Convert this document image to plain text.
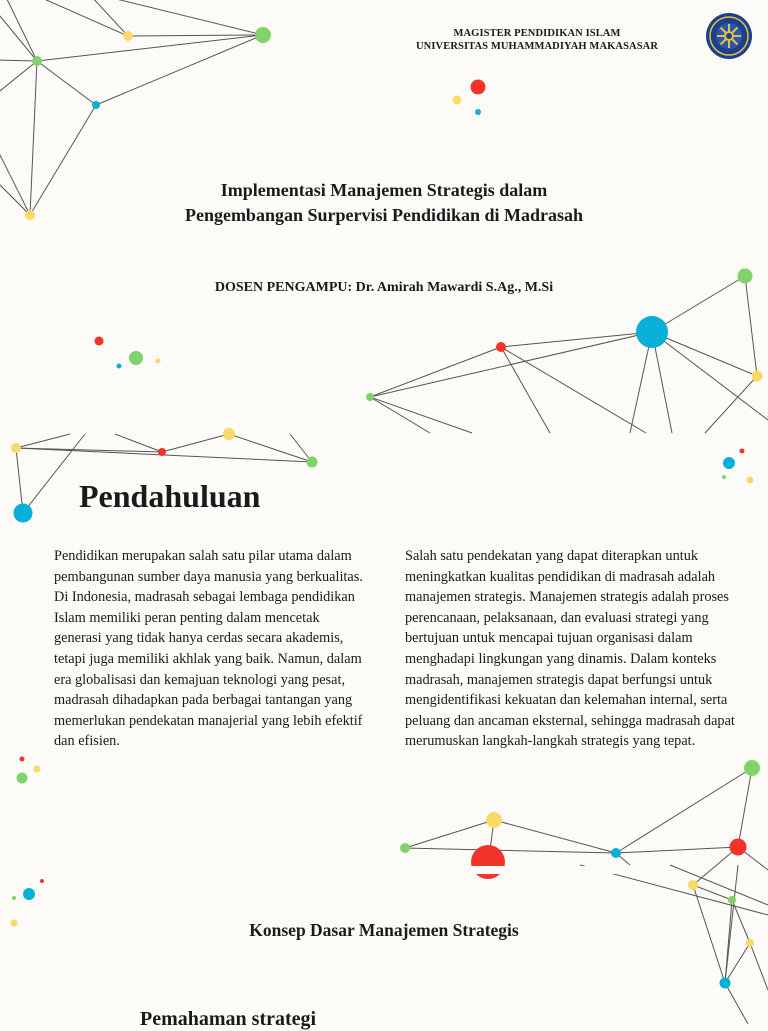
MAGISTER PENDIDIKAN ISLAM
UNIVERSITAS MUHAMMADIYAH MAKASASAR
Implementasi Manajemen Strategis dalam
Pengembangan Surpervisi Pendidikan di Madrasah
DOSEN PENGAMPU: Dr. Amirah Mawardi S.Ag., M.Si
Pendahuluan

Pendidikan merupakan salah satu pilar utama dalam pembangunan sumber daya manusia yang berkualitas. Di Indonesia, madrasah sebagai lembaga pendidikan Islam memiliki peran penting dalam mencetak generasi yang tidak hanya cerdas secara akademis, tetapi juga memiliki akhlak yang baik. Namun, dalam era globalisasi dan kemajuan teknologi yang pesat, madrasah dihadapkan pada berbagai tantangan yang memerlukan pendekatan manajerial yang lebih efektif dan efisien.

Salah satu pendekatan yang dapat diterapkan untuk meningkatkan kualitas pendidikan di madrasah adalah manajemen strategis. Manajemen strategis adalah proses perencanaan, pelaksanaan, dan evaluasi strategi yang bertujuan untuk mencapai tujuan organisasi dalam menghadapi lingkungan yang dinamis. Dalam konteks madrasah, manajemen strategis dapat berfungsi untuk mengidentifikasi kekuatan dan kelemahan internal, serta peluang dan ancaman eksternal, sehingga madrasah dapat merumuskan langkah-langkah strategis yang tepat.

Konsep Dasar Manajemen Strategis
Pemahaman strategi
